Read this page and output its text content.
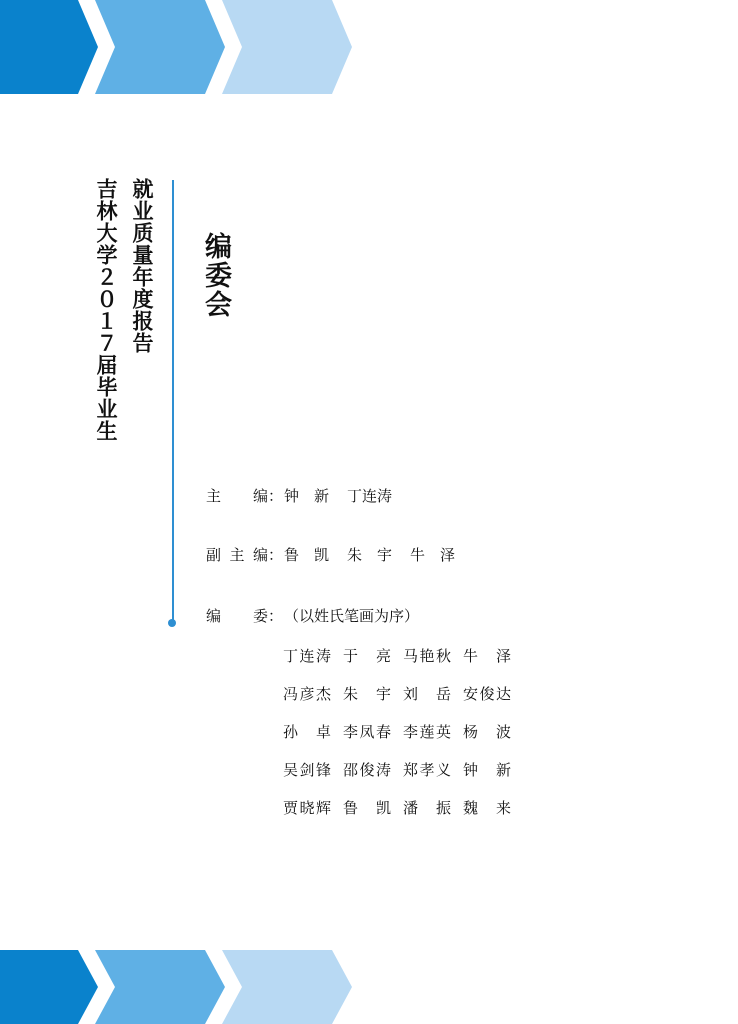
就业质量年度报告
吉林大学２０１７届毕业生	编委会
主　编 ： 钟　新 丁连涛
副主编 ： 鲁　凯 朱　宇 牛　泽
编　委 ： （以姓氏笔画为序）
丁连涛 于　亮 马艳秋 牛　泽
冯彦杰 朱　宇 刘　岳 安俊达
孙　卓 李凤春 李莲英 杨　波
吴剑锋 邵俊涛 郑孝义 钟　新
贾晓辉 鲁　凯 潘　振 魏　来
